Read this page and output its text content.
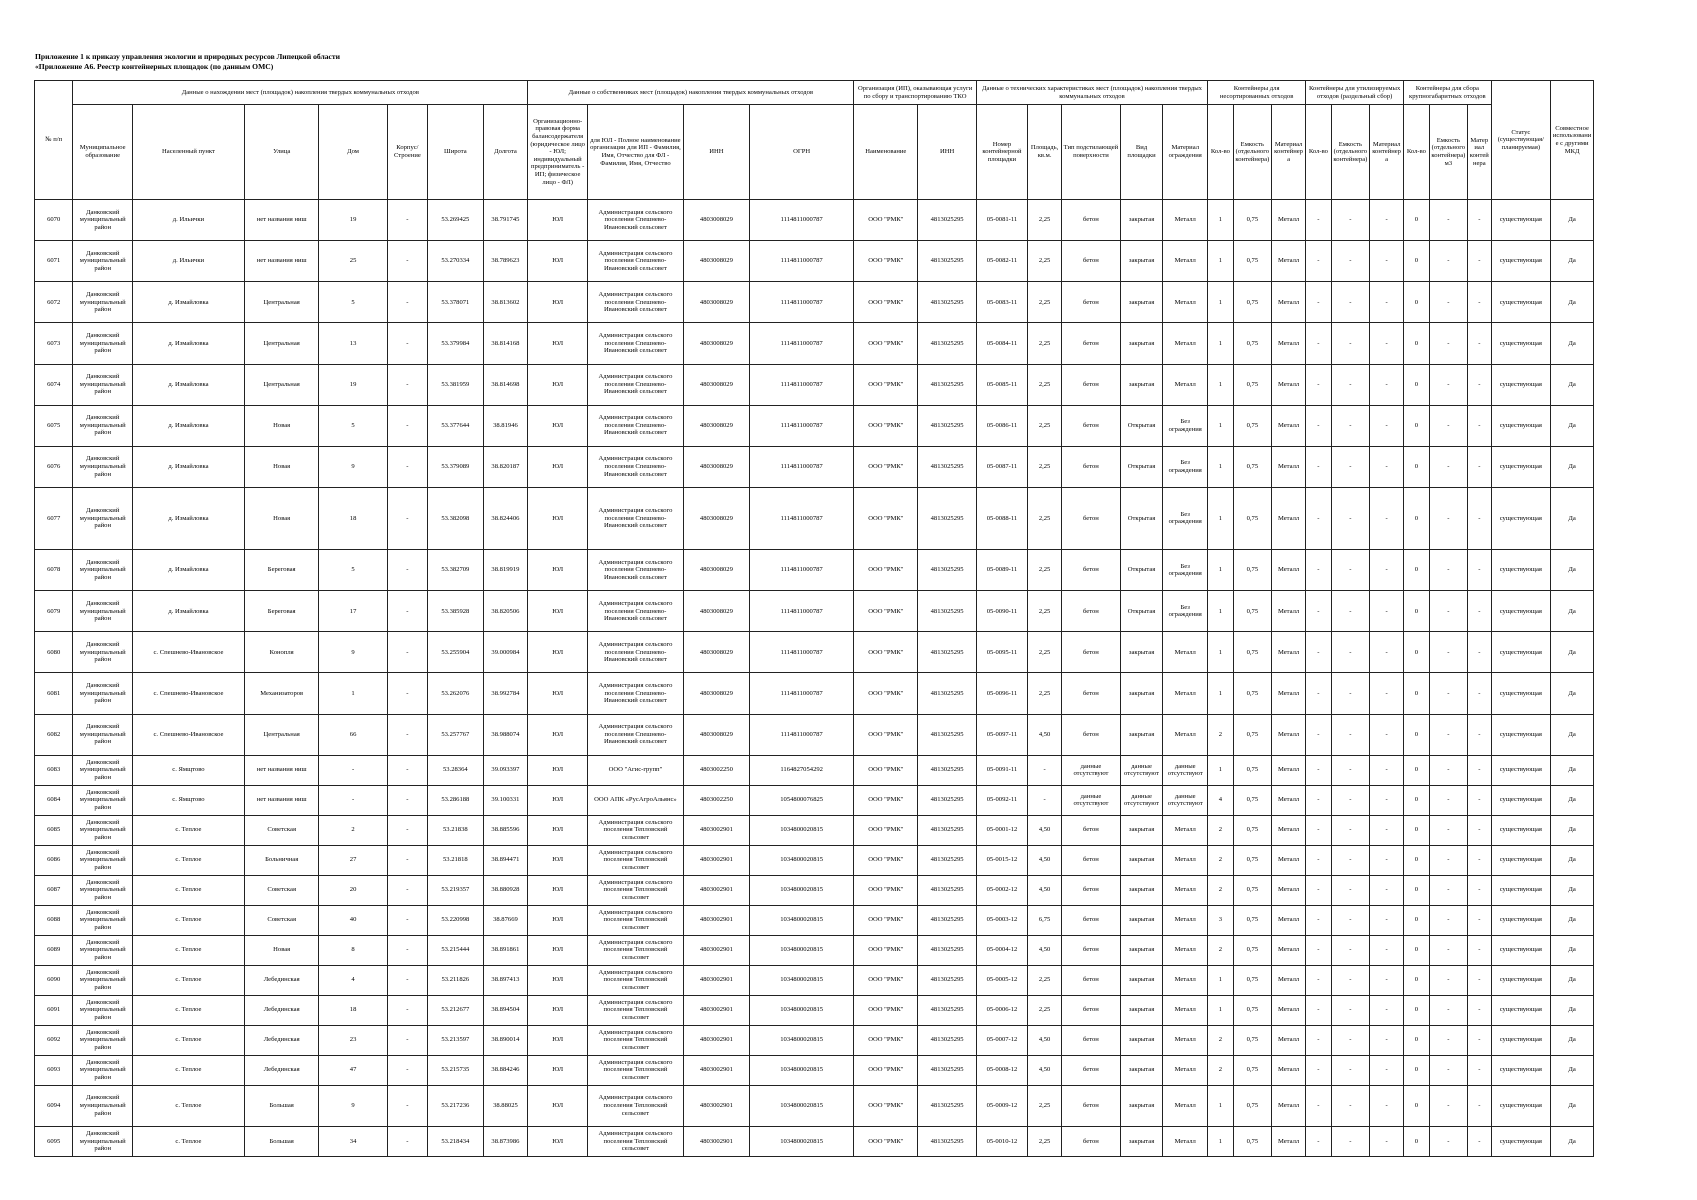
Приложение 1 к приказу управления экологии и природных ресурсов Липецкой области
«Приложение А6. Реестр контейнерных площадок (по данным ОМС)
№ п/п	Данные о нахождении мест (площадок) накопления твердых коммунальных отходов							Данные о собственниках мест (площадок) накопления твердых коммунальных отходов				Организация (ИП), оказывающая услуги по сбору и транспортированию ТКО		Данные о технических характеристиках мест (площадок) накопления твердых коммунальных отходов					Контейнеры для несортированных отходов			Контейнеры для утилизируемых отходов (раздельный сбор)			Контейнеры для сбора крупногабаритных отходов			Статус (существующая/планируемая)	Совместное использование с другими МКД
	Муниципальное образование	Населенный пункт	Улица	Дом	Корпус/Строение	Широта	Долгота	Организационно-правовая форма балансодержателя (юридическое лицо - ЮЛ; индивидуальный предприниматель - ИП; физическое лицо - ФЛ)	для ЮЛ - Полное наименование организации для ИП - Фамилия, Имя, Отчество для ФЛ - Фамилия, Имя, Отчество	ИНН	ОГРН	Наименование	ИНН	Номер контейнерной площадки	Площадь, кв.м.	Тип подстилающей поверхности	Вид площадки	Материал ограждения	Кол-во	Емкость (отдельного контейнера)	Материал контейнера	Кол-во	Емкость (отдельного контейнера)	Материал контейнера	Кол-во	Емкость (отдельного контейнера) м3	Материал контейнера		
6070	Данковский муниципальный район	д. Ильички	нет названия ниш	19	-	53.269425	38.791745	ЮЛ	Администрация сельского поселения Спешнево-Ивановский сельсовет	4803008029	1114811000787	ООО "РМК"	4813025295	05-0081-11	2,25	бетон	закрытая	Металл	1	0,75	Металл	-	-	-	0	-	-	существующая	Да
6071	Данковский муниципальный район	д. Ильички	нет названия ниш	25	-	53.270334	38.789623	ЮЛ	Администрация сельского поселения Спешнево-Ивановский сельсовет	4803008029	1114811000787	ООО "РМК"	4813025295	05-0082-11	2,25	бетон	закрытая	Металл	1	0,75	Металл	-	-	-	0	-	-	существующая	Да
6072	Данковский муниципальный район	д. Измайловка	Центральная	5	-	53.378071	38.813602	ЮЛ	Администрация сельского поселения Спешнево-Ивановский сельсовет	4803008029	1114811000787	ООО "РМК"	4813025295	05-0083-11	2,25	бетон	закрытая	Металл	1	0,75	Металл	-	-	-	0	-	-	существующая	Да
6073	Данковский муниципальный район	д. Измайловка	Центральная	13	-	53.379984	38.814168	ЮЛ	Администрация сельского поселения Спешнево-Ивановский сельсовет	4803008029	1114811000787	ООО "РМК"	4813025295	05-0084-11	2,25	бетон	закрытая	Металл	1	0,75	Металл	-	-	-	0	-	-	существующая	Да
6074	Данковский муниципальный район	д. Измайловка	Центральная	19	-	53.381959	38.814698	ЮЛ	Администрация сельского поселения Спешнево-Ивановский сельсовет	4803008029	1114811000787	ООО "РМК"	4813025295	05-0085-11	2,25	бетон	закрытая	Металл	1	0,75	Металл	-	-	-	0	-	-	существующая	Да
6075	Данковский муниципальный район	д. Измайловка	Новая	5	-	53.377644	38.81946	ЮЛ	Администрация сельского поселения Спешнево-Ивановский сельсовет	4803008029	1114811000787	ООО "РМК"	4813025295	05-0086-11	2,25	бетон	Открытая	Без ограждения	1	0,75	Металл	-	-	-	0	-	-	существующая	Да
6076	Данковский муниципальный район	д. Измайловка	Новая	9	-	53.379089	38.820187	ЮЛ	Администрация сельского поселения Спешнево-Ивановский сельсовет	4803008029	1114811000787	ООО "РМК"	4813025295	05-0087-11	2,25	бетон	Открытая	Без ограждения	1	0,75	Металл	-	-	-	0	-	-	существующая	Да
6077	Данковский муниципальный район	д. Измайловка	Новая	18	-	53.382098	38.824406	ЮЛ	Администрация сельского поселения Спешнево-Ивановский сельсовет	4803008029	1114811000787	ООО "РМК"	4813025295	05-0088-11	2,25	бетон	Открытая	Без ограждения	1	0,75	Металл	-	-	-	0	-	-	существующая	Да
6078	Данковский муниципальный район	д. Измайловка	Береговая	5	-	53.382709	38.819919	ЮЛ	Администрация сельского поселения Спешнево-Ивановский сельсовет	4803008029	1114811000787	ООО "РМК"	4813025295	05-0089-11	2,25	бетон	Открытая	Без ограждения	1	0,75	Металл	-	-	-	0	-	-	существующая	Да
6079	Данковский муниципальный район	д. Измайловка	Береговая	17	-	53.385928	38.820506	ЮЛ	Администрация сельского поселения Спешнево-Ивановский сельсовет	4803008029	1114811000787	ООО "РМК"	4813025295	05-0090-11	2,25	бетон	Открытая	Без ограждения	1	0,75	Металл	-	-	-	0	-	-	существующая	Да
6080	Данковский муниципальный район	с. Спешнево-Ивановское	Конопля	9	-	53.255904	39.000984	ЮЛ	Администрация сельского поселения Спешнево-Ивановский сельсовет	4803008029	1114811000787	ООО "РМК"	4813025295	05-0095-11	2,25	бетон	закрытая	Металл	1	0,75	Металл	-	-	-	0	-	-	существующая	Да
6081	Данковский муниципальный район	с. Спешнево-Ивановское	Механизаторов	1	-	53.262076	38.992784	ЮЛ	Администрация сельского поселения Спешнево-Ивановский сельсовет	4803008029	1114811000787	ООО "РМК"	4813025295	05-0096-11	2,25	бетон	закрытая	Металл	1	0,75	Металл	-	-	-	0	-	-	существующая	Да
6082	Данковский муниципальный район	с. Спешнево-Ивановское	Центральная	66	-	53.257767	38.988074	ЮЛ	Администрация сельского поселения Спешнево-Ивановский сельсовет	4803008029	1114811000787	ООО "РМК"	4813025295	05-0097-11	4,50	бетон	закрытая	Металл	2	0,75	Металл	-	-	-	0	-	-	существующая	Да
6083	Данковский муниципальный район	с. Ямщтово	нет названия ниш	-	-	53.28364	39.093397	ЮЛ	ООО "Агис-групп"	4803002250	1164827054292	ООО "РМК"	4813025295	05-0091-11	-	данные отсутствуют	данные отсутствуют	данные отсутствуют	1	0,75	Металл	-	-	-	0	-	-	существующая	Да
6084	Данковский муниципальный район	с. Ямщтово	нет названия ниш	-	-	53.286188	39.100331	ЮЛ	ООО АПК «РусАгроАльянс»	4803002250	1054800076825	ООО "РМК"	4813025295	05-0092-11	-	данные отсутствуют	данные отсутствуют	данные отсутствуют	4	0,75	Металл	-	-	-	0	-	-	существующая	Да
6085	Данковский муниципальный район	с. Теплое	Советская	2	-	53.21838	38.885596	ЮЛ	Администрация сельского поселения Тепловский сельсовет	4803002901	1034800020815	ООО "РМК"	4813025295	05-0001-12	4,50	бетон	закрытая	Металл	2	0,75	Металл	-	-	-	0	-	-	существующая	Да
6086	Данковский муниципальный район	с. Теплое	Больничная	27	-	53.21818	38.894471	ЮЛ	Администрация сельского поселения Тепловский сельсовет	4803002901	1034800020815	ООО "РМК"	4813025295	05-0015-12	4,50	бетон	закрытая	Металл	2	0,75	Металл	-	-	-	0	-	-	существующая	Да
6087	Данковский муниципальный район	с. Теплое	Советская	20	-	53.219357	38.880928	ЮЛ	Администрация сельского поселения Тепловский сельсовет	4803002901	1034800020815	ООО "РМК"	4813025295	05-0002-12	4,50	бетон	закрытая	Металл	2	0,75	Металл	-	-	-	0	-	-	существующая	Да
6088	Данковский муниципальный район	с. Теплое	Советская	40	-	53.220998	38.87669	ЮЛ	Администрация сельского поселения Тепловский сельсовет	4803002901	1034800020815	ООО "РМК"	4813025295	05-0003-12	6,75	бетон	закрытая	Металл	3	0,75	Металл	-	-	-	0	-	-	существующая	Да
6089	Данковский муниципальный район	с. Теплое	Новая	8	-	53.215444	38.891861	ЮЛ	Администрация сельского поселения Тепловский сельсовет	4803002901	1034800020815	ООО "РМК"	4813025295	05-0004-12	4,50	бетон	закрытая	Металл	2	0,75	Металл	-	-	-	0	-	-	существующая	Да
6090	Данковский муниципальный район	с. Теплое	Лебединская	4	-	53.211826	38.897413	ЮЛ	Администрация сельского поселения Тепловский сельсовет	4803002901	1034800020815	ООО "РМК"	4813025295	05-0005-12	2,25	бетон	закрытая	Металл	1	0,75	Металл	-	-	-	0	-	-	существующая	Да
6091	Данковский муниципальный район	с. Теплое	Лебединская	18	-	53.212677	38.894504	ЮЛ	Администрация сельского поселения Тепловский сельсовет	4803002901	1034800020815	ООО "РМК"	4813025295	05-0006-12	2,25	бетон	закрытая	Металл	1	0,75	Металл	-	-	-	0	-	-	существующая	Да
6092	Данковский муниципальный район	с. Теплое	Лебединская	23	-	53.213597	38.890014	ЮЛ	Администрация сельского поселения Тепловский сельсовет	4803002901	1034800020815	ООО "РМК"	4813025295	05-0007-12	4,50	бетон	закрытая	Металл	2	0,75	Металл	-	-	-	0	-	-	существующая	Да
6093	Данковский муниципальный район	с. Теплое	Лебединская	47	-	53.215735	38.884246	ЮЛ	Администрация сельского поселения Тепловский сельсовет	4803002901	1034800020815	ООО "РМК"	4813025295	05-0008-12	4,50	бетон	закрытая	Металл	2	0,75	Металл	-	-	-	0	-	-	существующая	Да
6094	Данковский муниципальный район	с. Теплое	Большая	9	-	53.217236	38.88025	ЮЛ	Администрация сельского поселения Тепловский сельсовет	4803002901	1034800020815	ООО "РМК"	4813025295	05-0009-12	2,25	бетон	закрытая	Металл	1	0,75	Металл	-	-	-	0	-	-	существующая	Да
6095	Данковский муниципальный район	с. Теплое	Большая	34	-	53.218434	38.873986	ЮЛ	Администрация сельского поселения Тепловский сельсовет	4803002901	1034800020815	ООО "РМК"	4813025295	05-0010-12	2,25	бетон	закрытая	Металл	1	0,75	Металл	-	-	-	0	-	-	существующая	Да
